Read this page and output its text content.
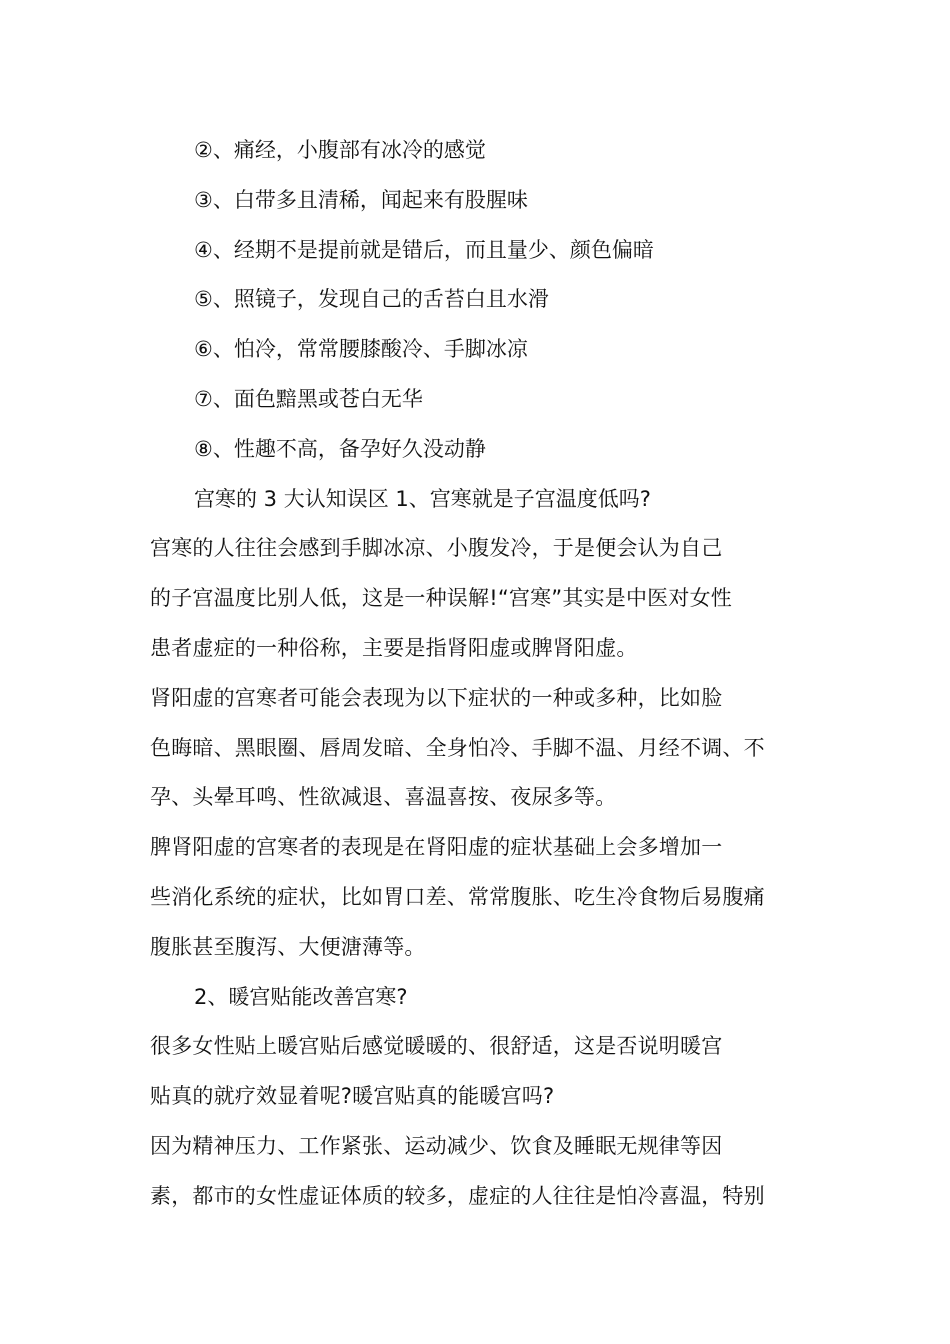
②、痛经，小腹部有冰冷的感觉
③、白带多且清稀，闻起来有股腥味
④、经期不是提前就是错后，而且量少、颜色偏暗
⑤、照镜子，发现自己的舌苔白且水滑
⑥、怕冷，常常腰膝酸冷、手脚冰凉
⑦、面色黯黑或苍白无华
⑧、性趣不高，备孕好久没动静
宫寒的 3 大认知误区 1、宫寒就是子宫温度低吗?
宫寒的人往往会感到手脚冰凉、小腹发冷，于是便会认为自己
的子宫温度比别人低，这是一种误解!“宫寒”其实是中医对女性
患者虚症的一种俗称，主要是指肾阳虚或脾肾阳虚。
肾阳虚的宫寒者可能会表现为以下症状的一种或多种，比如脸
色晦暗、黑眼圈、唇周发暗、全身怕冷、手脚不温、月经不调、不
孕、头晕耳鸣、性欲减退、喜温喜按、夜尿多等。
脾肾阳虚的宫寒者的表现是在肾阳虚的症状基础上会多增加一
些消化系统的症状，比如胃口差、常常腹胀、吃生冷食物后易腹痛
腹胀甚至腹泻、大便溏薄等。
2、暖宫贴能改善宫寒?
很多女性贴上暖宫贴后感觉暖暖的、很舒适，这是否说明暖宫
贴真的就疗效显着呢?暖宫贴真的能暖宫吗?
因为精神压力、工作紧张、运动减少、饮食及睡眠无规律等因
素，都市的女性虚证体质的较多，虚症的人往往是怕冷喜温，特别
